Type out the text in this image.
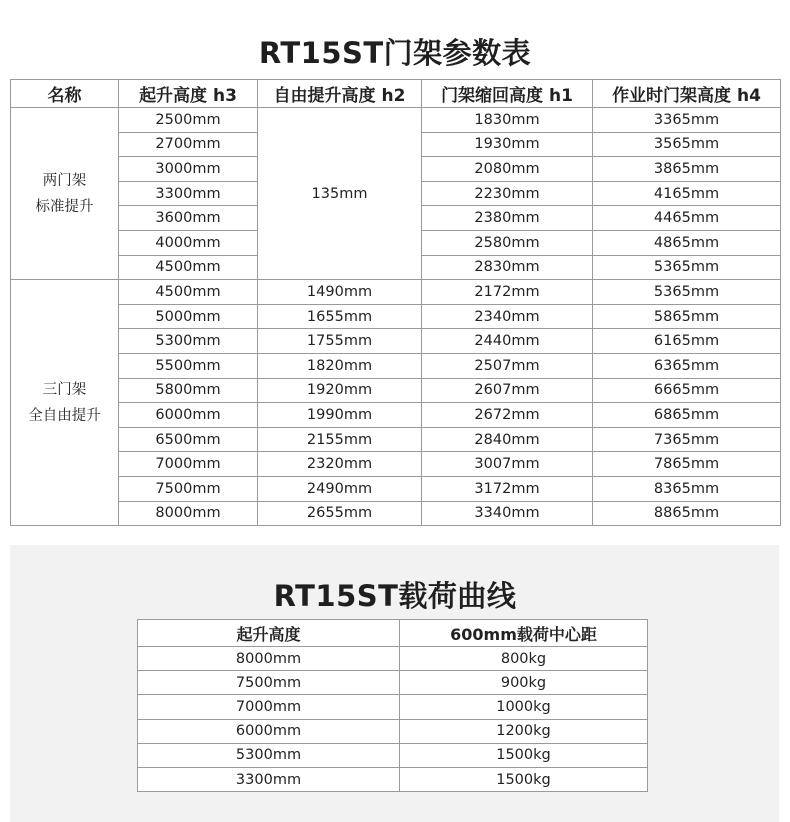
RT15ST门架参数表
名称	起升高度 h3	自由提升高度 h2	门架缩回高度 h1	作业时门架高度 h4

两门架
标准提升	2500mm	135mm	1830mm	3365mm
	2700mm		1930mm	3565mm
	3000mm		2080mm	3865mm
	3300mm		2230mm	4165mm
	3600mm		2380mm	4465mm
	4000mm		2580mm	4865mm
	4500mm		2830mm	5365mm

三门架
全自由提升	4500mm	1490mm	2172mm	5365mm
	5000mm	1655mm	2340mm	5865mm
	5300mm	1755mm	2440mm	6165mm
	5500mm	1820mm	2507mm	6365mm
	5800mm	1920mm	2607mm	6665mm
	6000mm	1990mm	2672mm	6865mm
	6500mm	2155mm	2840mm	7365mm
	7000mm	2320mm	3007mm	7865mm
	7500mm	2490mm	3172mm	8365mm
	8000mm	2655mm	3340mm	8865mm
RT15ST载荷曲线
起升高度	600mm载荷中心距
8000mm	800kg
7500mm	900kg
7000mm	1000kg
6000mm	1200kg
5300mm	1500kg
3300mm	1500kg
